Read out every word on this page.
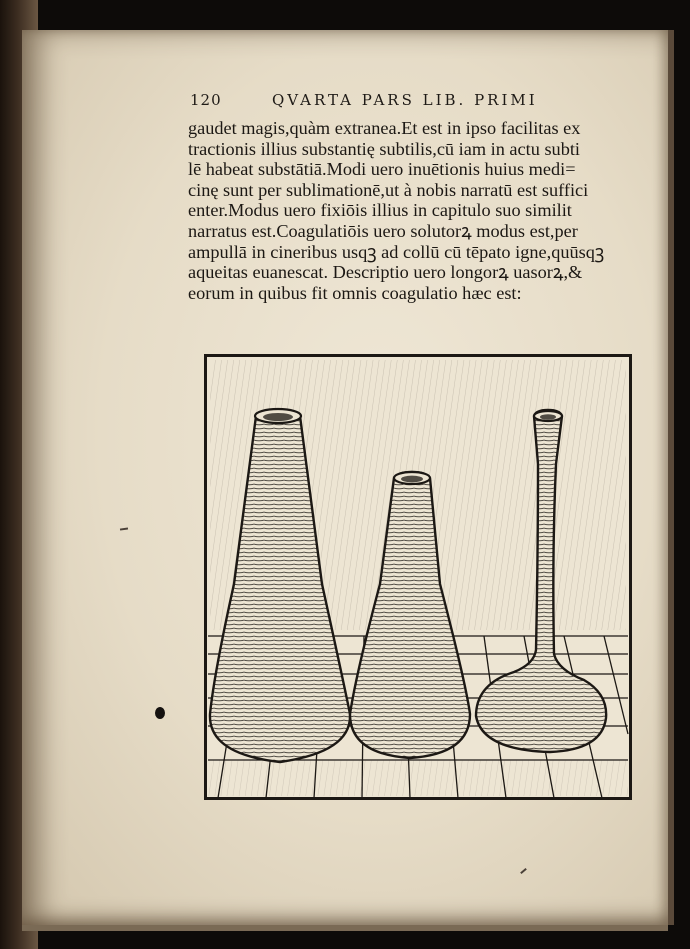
120	QVARTA PARS LIB. PRIMI
gaudet magis,quàm extranea.Et est in ipso facilitas ex
tractionis illius substantię subtilis,cū iam in actu subti
lē habeat substātiā.Modi uero inuētionis huius medi=
cinę sunt per sublimationē,ut à nobis narratū est suffici
enter.Modus uero fixiōis illius in capitulo suo similit
narratus est.Coagulatiōis uero solutorꝝ modus est,per
ampullā in cineribus usqꝫ ad collū cū tēpato igne,quūsqꝫ
aqueitas euanescat. Descriptio uero longorꝝ uasorꝝ,&
eorum in quibus fit omnis coagulatio hæc est:
